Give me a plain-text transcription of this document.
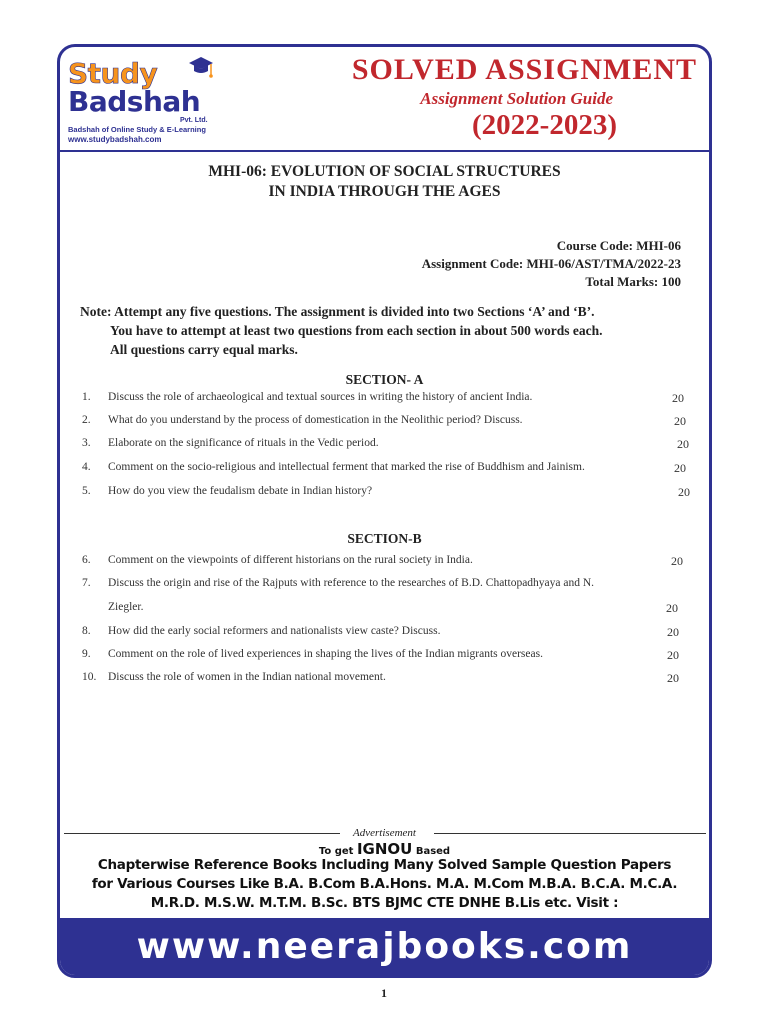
Study
Badshah
Pvt. Ltd.
Badshah of Online Study & E-Learning
www.studybadshah.com
SOLVED ASSIGNMENT
Assignment Solution Guide
(2022-2023)
MHI-06: EVOLUTION OF SOCIAL STRUCTURES
IN INDIA THROUGH THE AGES
Course Code: MHI-06
Assignment Code: MHI-06/AST/TMA/2022-23
Total Marks: 100
Note: Attempt any five questions. The assignment is divided into two Sections ‘A’ and ‘B’.
You have to attempt at least two questions from each section in about 500 words each.
All questions carry equal marks.
SECTION- A
1. Discuss the role of archaeological and textual sources in writing the history of ancient India.	20
2. What do you understand by the process of domestication in the Neolithic period? Discuss.	20
3. Elaborate on the significance of rituals in the Vedic period.	20
4. Comment on the socio-religious and intellectual ferment that marked the rise of Buddhism and Jainism.	20
5. How do you view the feudalism debate in Indian history?	20
SECTION-B
6. Comment on the viewpoints of different historians on the rural society in India.	20
7. Discuss the origin and rise of the Rajputs with reference to the researches of B.D. Chattopadhyaya and N.
Ziegler.	20
8. How did the early social reformers and nationalists view caste? Discuss.	20
9. Comment on the role of lived experiences in shaping the lives of the Indian migrants overseas.	20
10. Discuss the role of women in the Indian national movement.	20
Advertisement
To get IGNOU Based
Chapterwise Reference Books Including Many Solved Sample Question Papers
for Various Courses Like B.A. B.Com B.A.Hons. M.A. M.Com M.B.A. B.C.A. M.C.A.
M.R.D. M.S.W. M.T.M. B.Sc. BTS BJMC CTE DNHE B.Lis etc. Visit :
www.neerajbooks.com
1
